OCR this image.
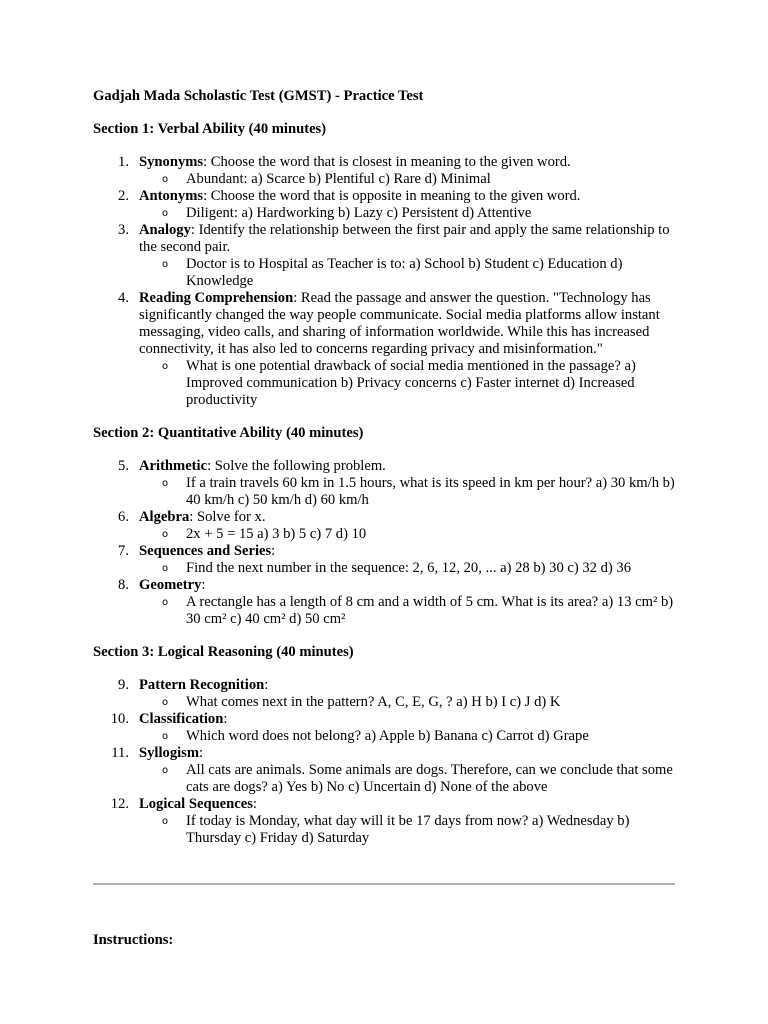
Gadjah Mada Scholastic Test (GMST) - Practice Test

Section 1: Verbal Ability (40 minutes)

1. Synonyms: Choose the word that is closest in meaning to the given word.
o Abundant: a) Scarce b) Plentiful c) Rare d) Minimal
2. Antonyms: Choose the word that is opposite in meaning to the given word.
o Diligent: a) Hardworking b) Lazy c) Persistent d) Attentive
3. Analogy: Identify the relationship between the first pair and apply the same relationship to the second pair.
o Doctor is to Hospital as Teacher is to: a) School b) Student c) Education d) Knowledge
4. Reading Comprehension: Read the passage and answer the question. "Technology has significantly changed the way people communicate. Social media platforms allow instant messaging, video calls, and sharing of information worldwide. While this has increased connectivity, it has also led to concerns regarding privacy and misinformation."
o What is one potential drawback of social media mentioned in the passage? a) Improved communication b) Privacy concerns c) Faster internet d) Increased productivity

Section 2: Quantitative Ability (40 minutes)

5. Arithmetic: Solve the following problem.
o If a train travels 60 km in 1.5 hours, what is its speed in km per hour? a) 30 km/h b) 40 km/h c) 50 km/h d) 60 km/h
6. Algebra: Solve for x.
o 2x + 5 = 15 a) 3 b) 5 c) 7 d) 10
7. Sequences and Series:
o Find the next number in the sequence: 2, 6, 12, 20, ... a) 28 b) 30 c) 32 d) 36
8. Geometry:
o A rectangle has a length of 8 cm and a width of 5 cm. What is its area? a) 13 cm² b) 30 cm² c) 40 cm² d) 50 cm²

Section 3: Logical Reasoning (40 minutes)

9. Pattern Recognition:
o What comes next in the pattern? A, C, E, G, ? a) H b) I c) J d) K
10. Classification:
o Which word does not belong? a) Apple b) Banana c) Carrot d) Grape
11. Syllogism:
o All cats are animals. Some animals are dogs. Therefore, can we conclude that some cats are dogs? a) Yes b) No c) Uncertain d) None of the above
12. Logical Sequences:
o If today is Monday, what day will it be 17 days from now? a) Wednesday b) Thursday c) Friday d) Saturday

Instructions:
